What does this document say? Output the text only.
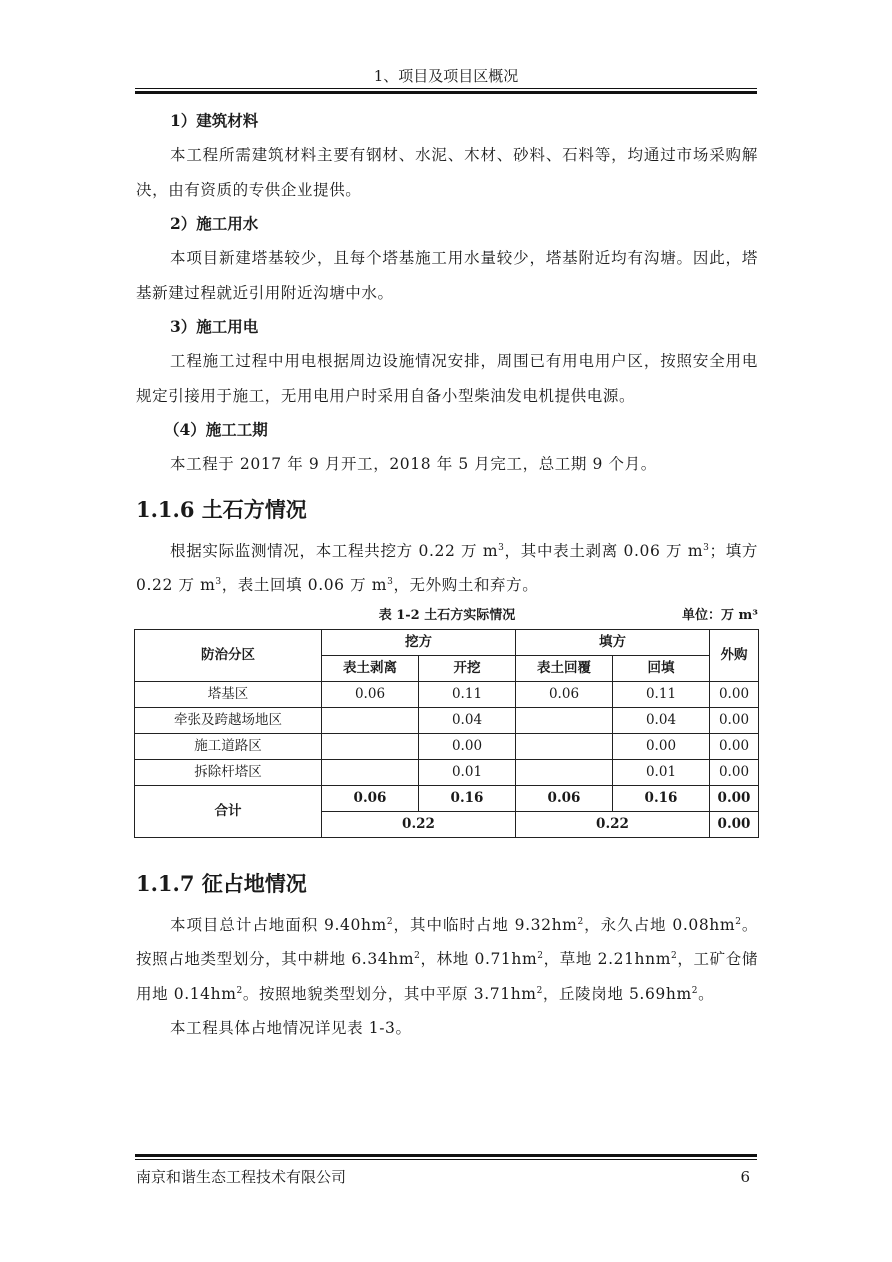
1、项目及项目区概况
1）建筑材料

本工程所需建筑材料主要有钢材、水泥、木材、砂料、石料等，均通过市场采购解决，由有资质的专供企业提供。

2）施工用水

本项目新建塔基较少，且每个塔基施工用水量较少，塔基附近均有沟塘。因此，塔基新建过程就近引用附近沟塘中水。

3）施工用电

工程施工过程中用电根据周边设施情况安排，周围已有用电用户区，按照安全用电规定引接用于施工，无用电用户时采用自备小型柴油发电机提供电源。

（4）施工工期

本工程于 2017 年 9 月开工，2018 年 5 月完工，总工期 9 个月。

1.1.6 土石方情况

根据实际监测情况，本工程共挖方 0.22 万 $m^3$，其中表土剥离 0.06 万 $m^3$；填方 0.22 万 $m^3$，表土回填 0.06 万 $m^3$，无外购土和弃方。

表 1-2 土石方实际情况	单位：万 m³
防治分区	挖方		填方		外购
	表土剥离	开挖	表土回覆	回填	
塔基区	0.06	0.11	0.06	0.11	0.00
牵张及跨越场地区		0.04		0.04	0.00
施工道路区		0.00		0.00	0.00
拆除杆塔区		0.01		0.01	0.00
合计	0.06	0.16	0.06	0.16	0.00
	0.22		0.22		0.00
1.1.7 征占地情况

本项目总计占地面积 $9.40hm^2$，其中临时占地 $9.32hm^2$，永久占地 $0.08hm^2$。按照占地类型划分，其中耕地 $6.34hm^2$，林地 $0.71hm^2$，草地 2.21hnm$^2$，工矿仓储用地 $0.14hm^2$。按照地貌类型划分，其中平原 $3.71hm^2$，丘陵岗地 $5.69hm^2$。

本工程具体占地情况详见表 1-3。

南京和谐生态工程技术有限公司	6
